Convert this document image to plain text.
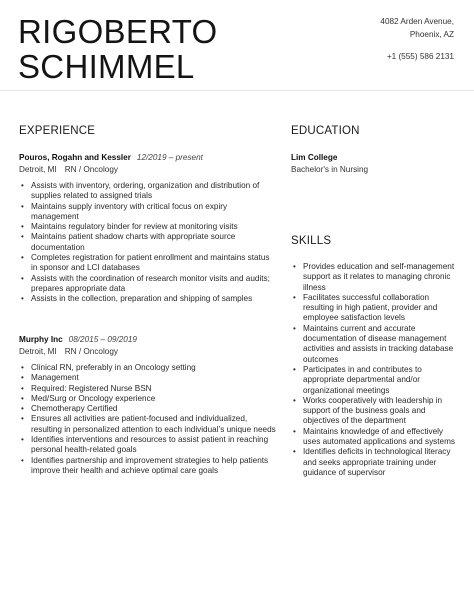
RIGOBERTO
SCHIMMEL
4082 Arden Avenue,
Phoenix, AZ
+1 (555) 586 2131
EXPERIENCE
Pouros, Rogahn and Kessler 12/2019 – present
Detroit, MI RN / Oncology
• Assists with inventory, ordering, organization and distribution of supplies related to assigned trials
• Maintains supply inventory with critical focus on expiry management
• Maintains regulatory binder for review at monitoring visits
• Maintains patient shadow charts with appropriate source documentation
• Completes registration for patient enrollment and maintains status in sponsor and LCI databases
• Assists with the coordination of research monitor visits and audits; prepares appropriate data
• Assists in the collection, preparation and shipping of samples
Murphy Inc 08/2015 – 09/2019
Detroit, MI RN / Oncology
• Clinical RN, preferably in an Oncology setting
• Management
• Required: Registered Nurse BSN
• Med/Surg or Oncology experience
• Chemotherapy Certified
• Ensures all activities are patient-focused and individualized, resulting in personalized attention to each individual’s unique needs
• Identifies interventions and resources to assist patient in reaching personal health-related goals
• Identifies partnership and improvement strategies to help patients improve their health and achieve optimal care goals
EDUCATION
Lim College
Bachelor's in Nursing
SKILLS
• Provides education and self-management support as it relates to managing chronic illness
• Facilitates successful collaboration resulting in high patient, provider and employee satisfaction levels
• Maintains current and accurate documentation of disease management activities and assists in tracking database outcomes
• Participates in and contributes to appropriate departmental and/or organizational meetings
• Works cooperatively with leadership in support of the business goals and objectives of the department
• Maintains knowledge of and effectively uses automated applications and systems
• Identifies deficits in technological literacy and seeks appropriate training under guidance of supervisor
